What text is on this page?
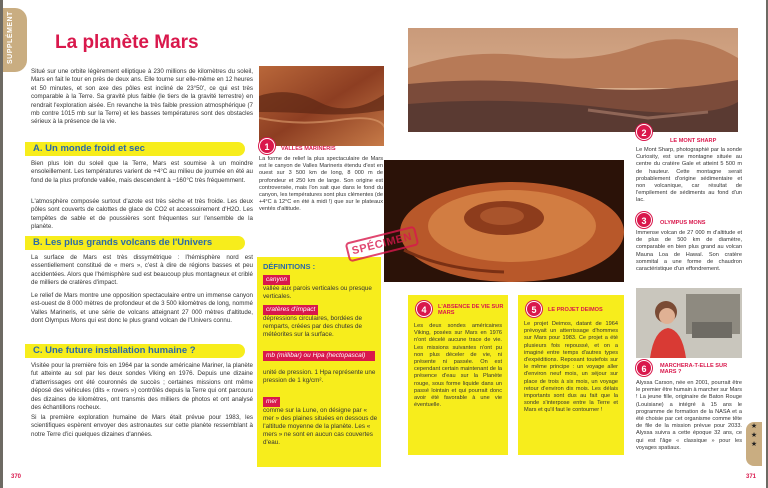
SUPPLÉMENT La planète Mars

Situé sur une orbite légèrement elliptique à 230 millions de kilomètres du soleil, Mars en fait le tour en près de deux ans. Elle tourne sur elle-même en 12 heures et 50 minutes, et son axe des pôles est incliné de 23°50', ce qui est très comparable à la Terre. Sa gravité plus faible (le tiers de la gravité terrestre) en rendrait l'exploration aisée. En revanche la très faible pression atmosphérique (7 mb contre 1015 mb sur la Terre) et les basses températures sont des obstacles sérieux à la présence de la vie.

A. Un monde froid et sec

Bien plus loin du soleil que la Terre, Mars est soumise à un moindre ensoleillement. Les températures varient de +4°C au milieu de journée en été au fond de la plus profonde vallée, mais descendent à −160°C très fréquemment.

L'atmosphère composée surtout d'azote est très sèche et très froide. Les deux pôles sont couverts de calottes de glace de CO2 et accessoirement d'H2O. Les tempêtes de sable et de poussières sont fréquentes sur l'ensemble de la planète.

B. Les plus grands volcans de l'Univers

La surface de Mars est très dissymétrique : l'hémisphère nord est essentiellement constitué de « mers », c'est à dire de régions basses et peu accidentées. Alors que l'hémisphère sud est beaucoup plus montagneux et criblé de milliers de cratères d'impact.

Le relief de Mars montre une opposition spectaculaire entre un immense canyon est-ouest de 8 000 mètres de profondeur et de 3 500 kilomètres de long, nommé Valles Marineris, et une série de volcans atteignant 27 000 mètres d'altitude, dont Olympus Mons qui est donc le plus grand volcan de l'Univers connu.

C. Une future installation humaine ?

Visitée pour la première fois en 1964 par la sonde américaine Mariner, la planète fut atteinte au sol par les deux sondes Viking en 1976. Depuis une dizaine d'atterrissages ont été couronnés de succès ; certaines missions ont même déposé des véhicules (dits « rovers ») contrôlés depuis la Terre qui ont parcouru des dizaines de kilomètres, ont transmis des milliers de photos et ont analysé des échantillons rocheux.

Si la première exploration humaine de Mars était prévue pour 1983, les scientifiques espèrent envoyer des astronautes sur cette planète ressemblant à notre Terre d'ici quelques dizaines d'années.

1	VALLES MARINERIS

La forme de relief la plus spectaculaire de Mars est le canyon de Valles Marineris étendu d'est en ouest sur 3 500 km de long, 8 000 m de profondeur et 250 km de large. Son origine est controversée, mais l'on sait que dans le fond du canyon, les températures sont plus clémentes (de +4°C à 12°C en été à midi !) que sur le plateaux ventés d'altitude.

DÉFINITIONS :
canyon
vallée aux parois verticales ou presque verticales.
cratères d'impact
dépressions circulaires, bordées de remparts, créées par des chutes de météorites sur la surface.
mb (millibar) ou Hpa (hectopascal)
unité de pression. 1 Hpa représente une pression de 1 kg/cm².
mer
comme sur la Lune, on désigne par « mer » des plaines situées en dessous de l'altitude moyenne de la planète. Les « mers » ne sont en aucun cas couvertes d'eau.
370
2
LE MONT SHARP

Le Mont Sharp, photographié par la sonde Curiosity, est une montagne située au centre du cratère Gale et atteint 5 500 m de hauteur. Cette montagne serait probablement d'origine sédimentaire et non volcanique, car résultat de l'empilement de sédiments au fond d'un lac.

3	OLYMPUS MONS

Immense volcan de 27 000 m d'altitude et de plus de 500 km de diamètre, comparable en bien plus grand au volcan Mauna Loa de Hawaï. Son cratère sommital a une forme de chaudron caractéristique d'un effondrement.

4	L'ABSENCE DE VIE SUR MARS

Les deux sondes américaines Viking, posées sur Mars en 1976 n'ont décelé aucune trace de vie. Les missions suivantes n'ont pu non plus déceler de vie, ni présente ni passée. On est cependant certain maintenant de la présence d'eau sur la Planète rouge, sous forme liquide dans un passé lointain et qui pourrait donc avoir été favorable à une vie éventuelle.

5	LE PROJET DEIMOS

Le projet Deimos, datant de 1964 prévoyait un atterrissage d'hommes sur Mars pour 1983. Ce projet a été plusieurs fois repoussé, et on a imaginé entre temps d'autres types d'expéditions. Reposant toutefois sur le même principe : un voyage aller d'environ neuf mois, un séjour sur place de trois à six mois, un voyage retour d'environ dix mois. Les délais importants sont dus au fait que la sonde s'interpose entre la Terre et Mars et qu'il faut le contourner !

6	MARCHERA-T-ELLE SUR MARS ?

Alyssa Carson, née en 2001, pourrait être le premier être humain à marcher sur Mars ! La jeune fille, originaire de Baton Rouge (Louisiane) a intégré à 15 ans le programme de formation de la NASA et a été choisie par cet organisme comme tête de file de la mission prévue pour 2033. Alyssa suivra a cette époque 32 ans, ce qui est l'âge « classique » pour les voyages spatiaux.

★
★
★
371
SPÉCIMEN
